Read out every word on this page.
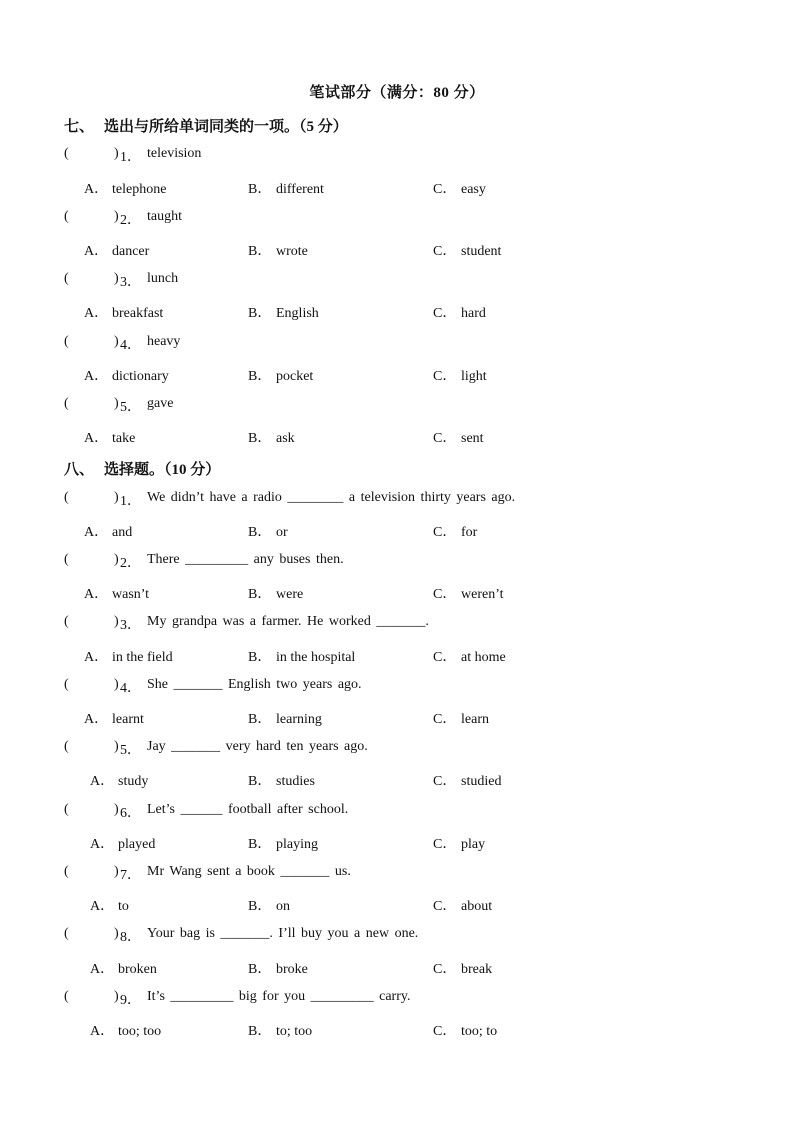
笔试部分（满分：80 分）
七、 选出与所给单词同类的一项。（5 分）
(	) 1． television
A． telephone	B． different	C． easy
(	) 2． taught
A． dancer	B． wrote	C． student
(	) 3． lunch
A． breakfast	B． English	C． hard
(	) 4． heavy
A． dictionary	B． pocket	C． light
(	) 5． gave
A． take	B． ask	C． sent
八、 选择题。（10 分）
(	) 1． We didn’t have a radio ________ a television thirty years ago.
A． and	B． or	C． for
(	) 2． There _________ any buses then.
A． wasn’t	B． were	C． weren’t
(	) 3． My grandpa was a farmer. He worked _______.
A． in the field	B． in the hospital	C． at home
(	) 4． She _______ English two years ago.
A． learnt	B． learning	C． learn
(	) 5． Jay _______ very hard ten years ago.
A． study	B． studies	C． studied
(	) 6． Let’s ______ football after school.
A． played	B． playing	C． play
(	) 7． Mr Wang sent a book _______ us.
A． to	B． on	C． about
(	) 8． Your bag is _______. I’ll buy you a new one.
A． broken	B． broke	C． break
(	) 9． It’s _________ big for you _________ carry.
A． too; too	B． to; too	C． too; to
